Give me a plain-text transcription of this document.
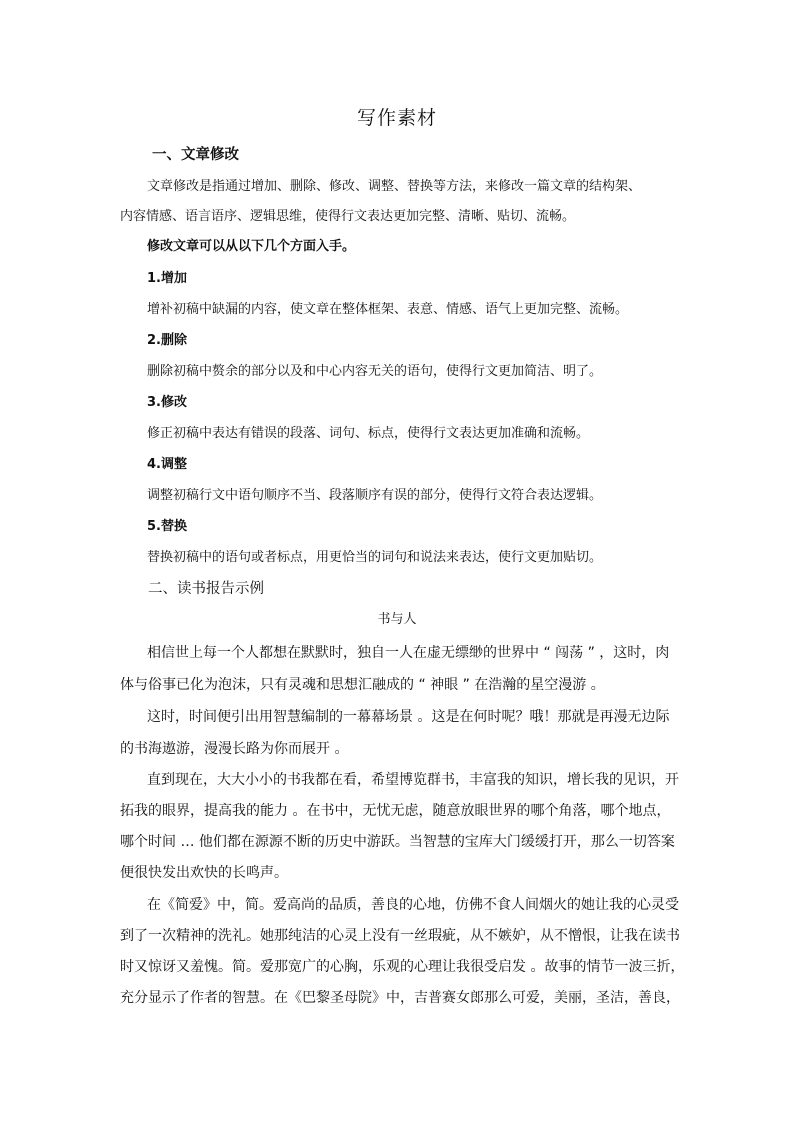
写作素材
一、文章修改
文章修改是指通过增加、删除、修改、调整、替换等方法，来修改一篇文章的结构架、
内容情感、语言语序、逻辑思维，使得行文表达更加完整、清晰、贴切、流畅。
修改文章可以从以下几个方面入手。
1.增加
增补初稿中缺漏的内容，使文章在整体框架、表意、情感、语气上更加完整、流畅。
2.删除
删除初稿中赘余的部分以及和中心内容无关的语句，使得行文更加简洁、明了。
3.修改
修正初稿中表达有错误的段落、词句、标点，使得行文表达更加准确和流畅。
4.调整
调整初稿行文中语句顺序不当、段落顺序有误的部分，使得行文符合表达逻辑。
5.替换
替换初稿中的语句或者标点，用更恰当的词句和说法来表达，使行文更加贴切。
二、读书报告示例
书与人
相信世上每一个人都想在默默时，独自一人在虚无缥缈的世界中 “ 闯荡 ” ，这时，肉
体与俗事已化为泡沫，只有灵魂和思想汇融成的 “ 神眼 ” 在浩瀚的星空漫游 。
这时，时间便引出用智慧编制的一幕幕场景 。这是在何时呢？哦！那就是再漫无边际
的书海遨游，漫漫长路为你而展开 。
直到现在，大大小小的书我都在看，希望博览群书，丰富我的知识，增长我的见识，开
拓我的眼界，提高我的能力 。在书中，无忧无虑，随意放眼世界的哪个角落，哪个地点，
哪个时间 … 他们都在源源不断的历史中游跃。当智慧的宝库大门缓缓打开，那么一切答案
便很快发出欢快的长鸣声。
在《简爱》中，简。爱高尚的品质，善良的心地，仿佛不食人间烟火的她让我的心灵受
到了一次精神的洗礼。她那纯洁的心灵上没有一丝瑕疵，从不嫉妒，从不憎恨，让我在读书
时又惊讶又羞愧。简。爱那宽广的心胸，乐观的心理让我很受启发 。故事的情节一波三折，
充分显示了作者的智慧。在《巴黎圣母院》中，吉普赛女郎那么可爱，美丽，圣洁，善良，
